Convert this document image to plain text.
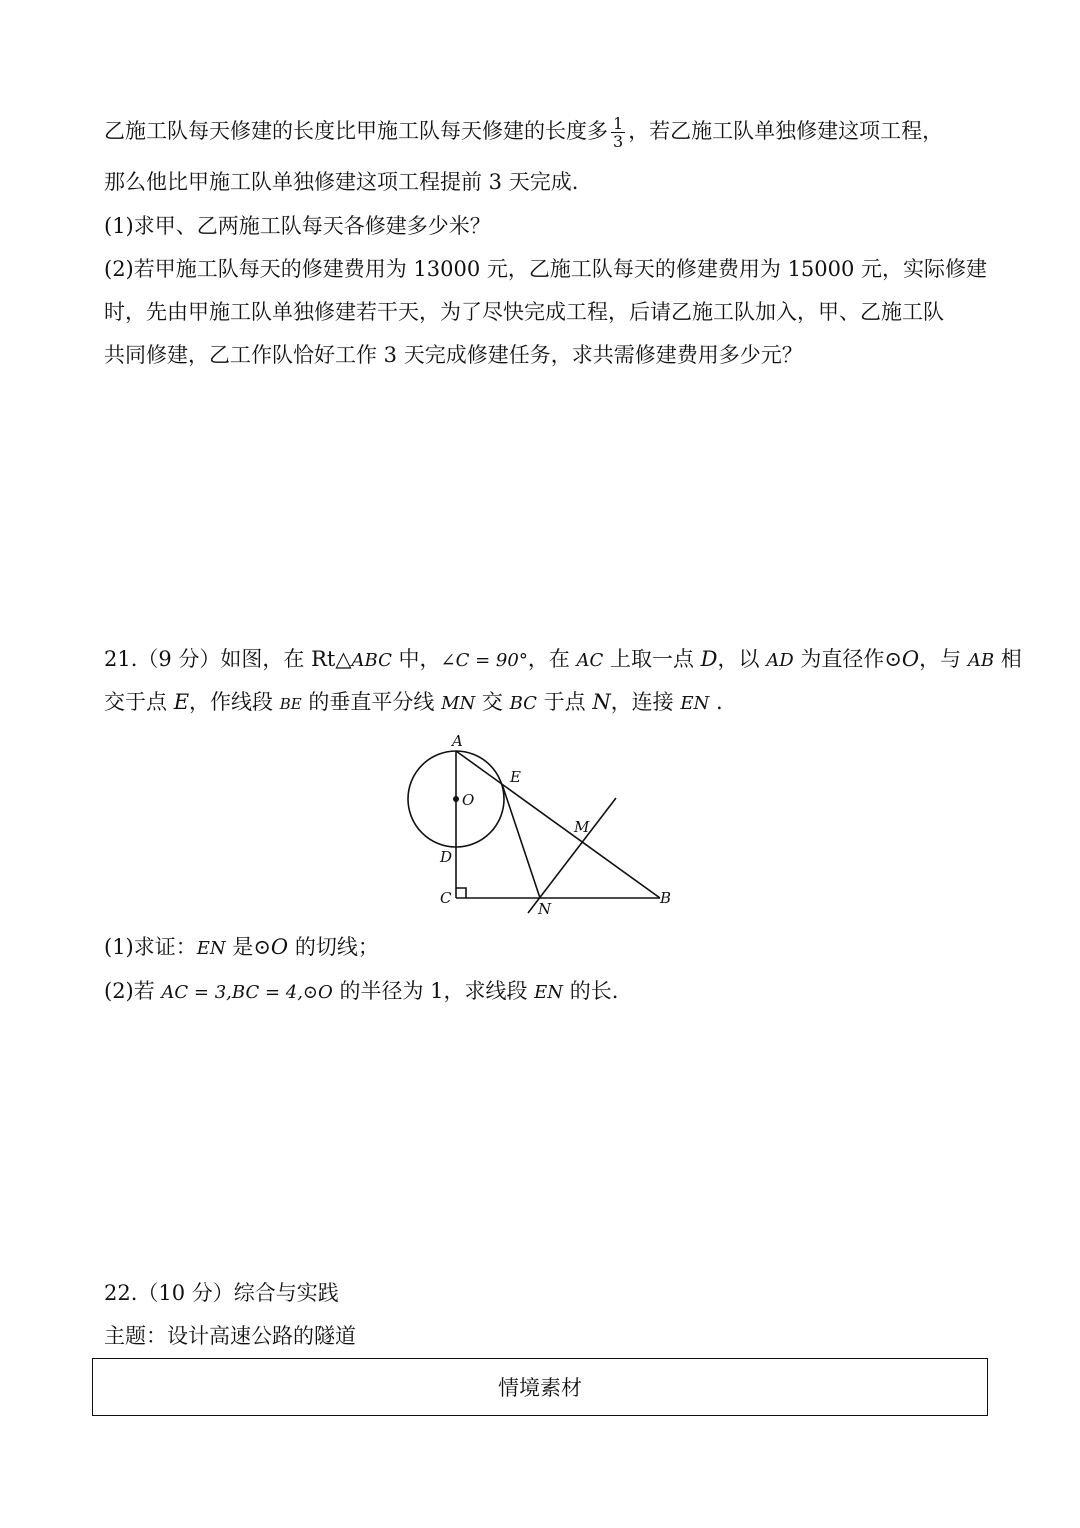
乙施工队每天修建的长度比甲施工队每天修建的长度多 $\frac{1}{3}$ ，若乙施工队单独修建这项工程，
那么他比甲施工队单独修建这项工程提前 3 天完成.
(1)求甲、乙两施工队每天各修建多少米？
(2)若甲施工队每天的修建费用为 13000 元，乙施工队每天的修建费用为 15000 元，实际修建
时，先由甲施工队单独修建若干天，为了尽快完成工程，后请乙施工队加入，甲、乙施工队
共同修建，乙工作队恰好工作 3 天完成修建任务，求共需修建费用多少元？
21.（9 分）如图，在 Rt△ABC 中，∠C = 90°，在 AC 上取一点 D，以 AD 为直径作⊙O，与 AB 相
交于点 E，作线段 BE 的垂直平分线 MN 交 BC 于点 N，连接 EN .
A
E
O
M
D
C
N
B
(1)求证：EN 是⊙O 的切线；
(2)若 AC = 3,BC = 4,⊙O 的半径为 1，求线段 EN 的长.
22.（10 分）综合与实践
主题：设计高速公路的隧道
情境素材
